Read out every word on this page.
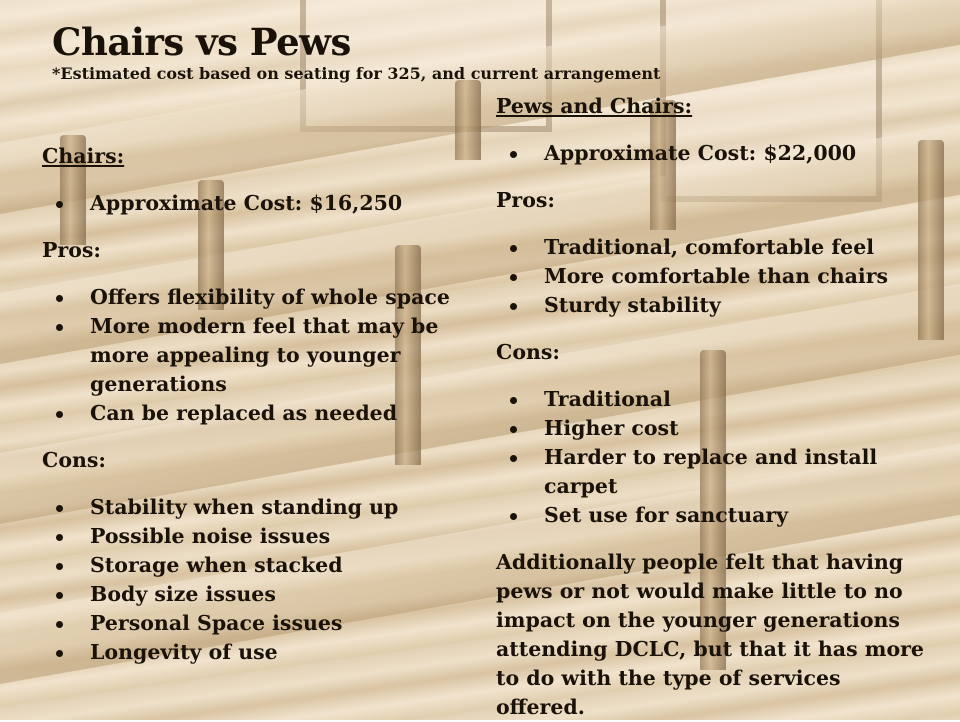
Chairs vs Pews

*Estimated cost based on seating for 325, and current arrangement

Chairs:

Approximate Cost: $16,250

Pros:

Offers flexibility of whole space
More modern feel that may be more appealing to younger generations
Can be replaced as needed

Cons:

Stability when standing up
Possible noise issues
Storage when stacked
Body size issues
Personal Space issues
Longevity of use

Pews and Chairs:

Approximate Cost: $22,000

Pros:

Traditional, comfortable feel
More comfortable than chairs
Sturdy stability

Cons:

Traditional
Higher cost
Harder to replace and install carpet
Set use for sanctuary

Additionally people felt that having pews or not would make little to no impact on the younger generations attending DCLC, but that it has more to do with the type of services offered.
